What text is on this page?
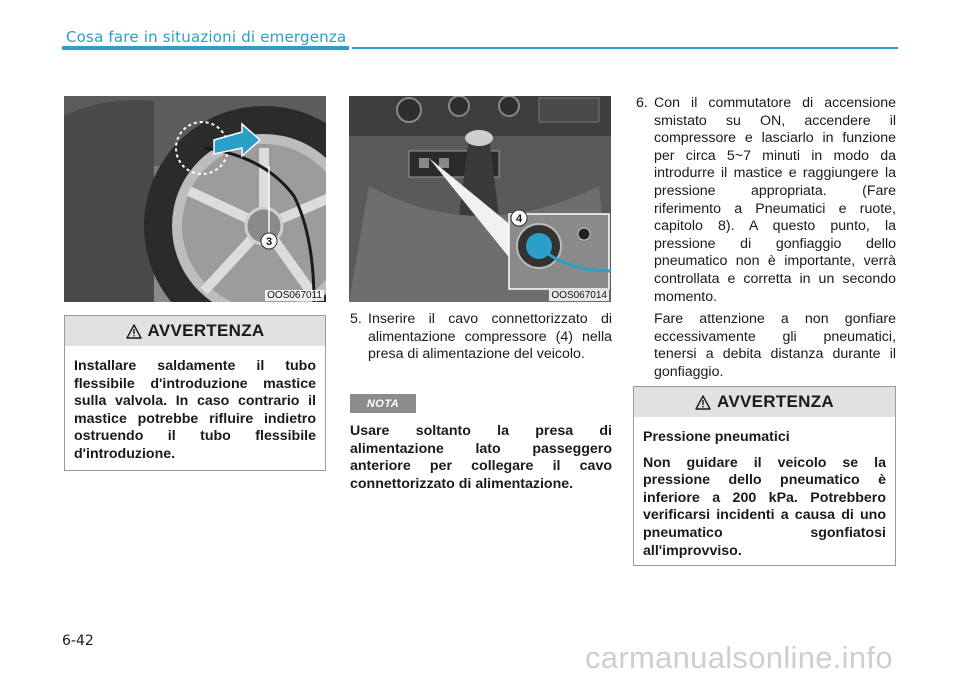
Cosa fare in situazioni di emergenza
3
OOS067011
4
OOS067014
AVVERTENZA

Installare saldamente il tubo flessibile d'introduzione mastice sulla valvola. In caso contrario il mastice potrebbe rifluire indietro ostruendo il tubo flessibile d'introduzione.

5. Inserire il cavo connettorizzato di alimentazione compressore (4) nella presa di alimentazione del veicolo.

NOTA

Usare soltanto la presa di alimentazione lato passeggero anteriore per collegare il cavo connettorizzato di alimentazione.

6. Con il commutatore di accensione smistato su ON, accendere il compressore e lasciarlo in funzione per circa 5~7 minuti in modo da introdurre il mastice e raggiungere la pressione appropriata. (Fare riferimento a Pneumatici e ruote, capitolo 8). A questo punto, la pressione di gonfiaggio dello pneumatico non è importante, verrà controllata e corretta in un secondo momento.

Fare attenzione a non gonfiare eccessivamente gli pneumatici, tenersi a debita distanza durante il gonfiaggio.

AVVERTENZA

Pressione pneumatici

Non guidare il veicolo se la pressione dello pneumatico è inferiore a 200 kPa. Potrebbero verificarsi incidenti a causa di uno pneumatico sgonfiatosi all'improvviso.

6-42	carmanualsonline.info
